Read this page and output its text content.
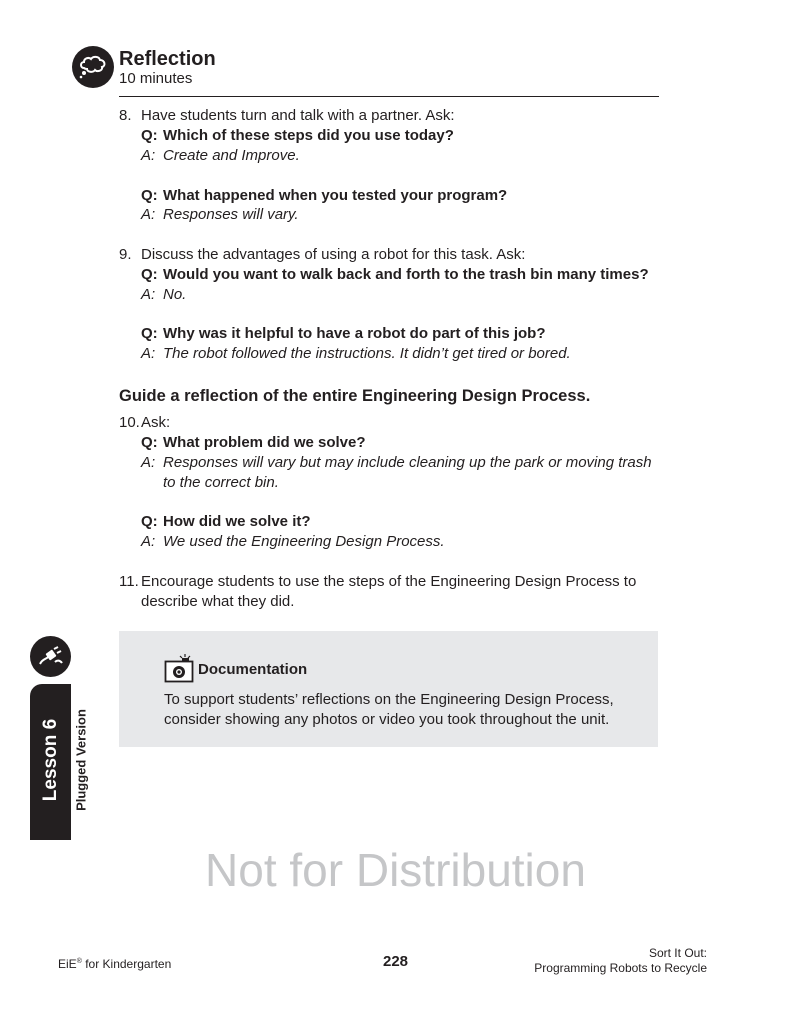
Reflection
10 minutes
8. Have students turn and talk with a partner. Ask:
Q: Which of these steps did you use today?
A: Create and Improve.
Q: What happened when you tested your program?
A: Responses will vary.
9. Discuss the advantages of using a robot for this task. Ask:
Q: Would you want to walk back and forth to the trash bin many times?
A: No.
Q: Why was it helpful to have a robot do part of this job?
A: The robot followed the instructions. It didn’t get tired or bored.
Guide a reflection of the entire Engineering Design Process.
10. Ask:
Q: What problem did we solve?
A: Responses will vary but may include cleaning up the park or moving trash
to the correct bin.
Q: How did we solve it?
A: We used the Engineering Design Process.
11. Encourage students to use the steps of the Engineering Design Process to
describe what they did.
Documentation
To support students’ reflections on the Engineering Design Process,
consider showing any photos or video you took throughout the unit.
Lesson 6 Plugged Version
Not for Distribution
EiE® for Kindergarten	228	Sort It Out:
Programming Robots to Recycle
